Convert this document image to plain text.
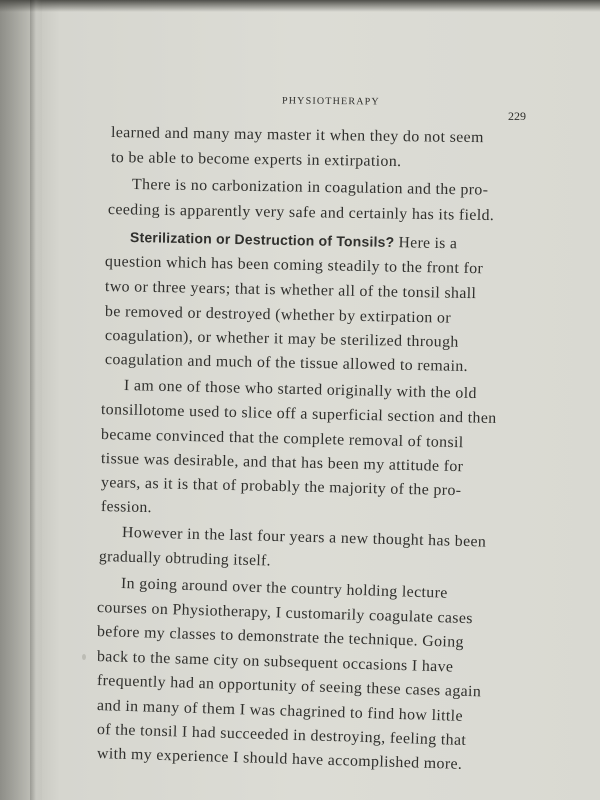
PHYSIOTHERAPY
229
learned and many may master it when they do not seem
to be able to become experts in extirpation.
There is no carbonization in coagulation and the pro-
ceeding is apparently very safe and certainly has its field.
Sterilization or Destruction of Tonsils? Here is a
question which has been coming steadily to the front for
two or three years; that is whether all of the tonsil shall
be removed or destroyed (whether by extirpation or
coagulation), or whether it may be sterilized through
coagulation and much of the tissue allowed to remain.
I am one of those who started originally with the old
tonsillotome used to slice off a superficial section and then
became convinced that the complete removal of tonsil
tissue was desirable, and that has been my attitude for
years, as it is that of probably the majority of the pro-
fession.
However in the last four years a new thought has been
gradually obtruding itself.
In going around over the country holding lecture
courses on Physiotherapy, I customarily coagulate cases
before my classes to demonstrate the technique. Going
back to the same city on subsequent occasions I have
frequently had an opportunity of seeing these cases again
and in many of them I was chagrined to find how little
of the tonsil I had succeeded in destroying, feeling that
with my experience I should have accomplished more.
